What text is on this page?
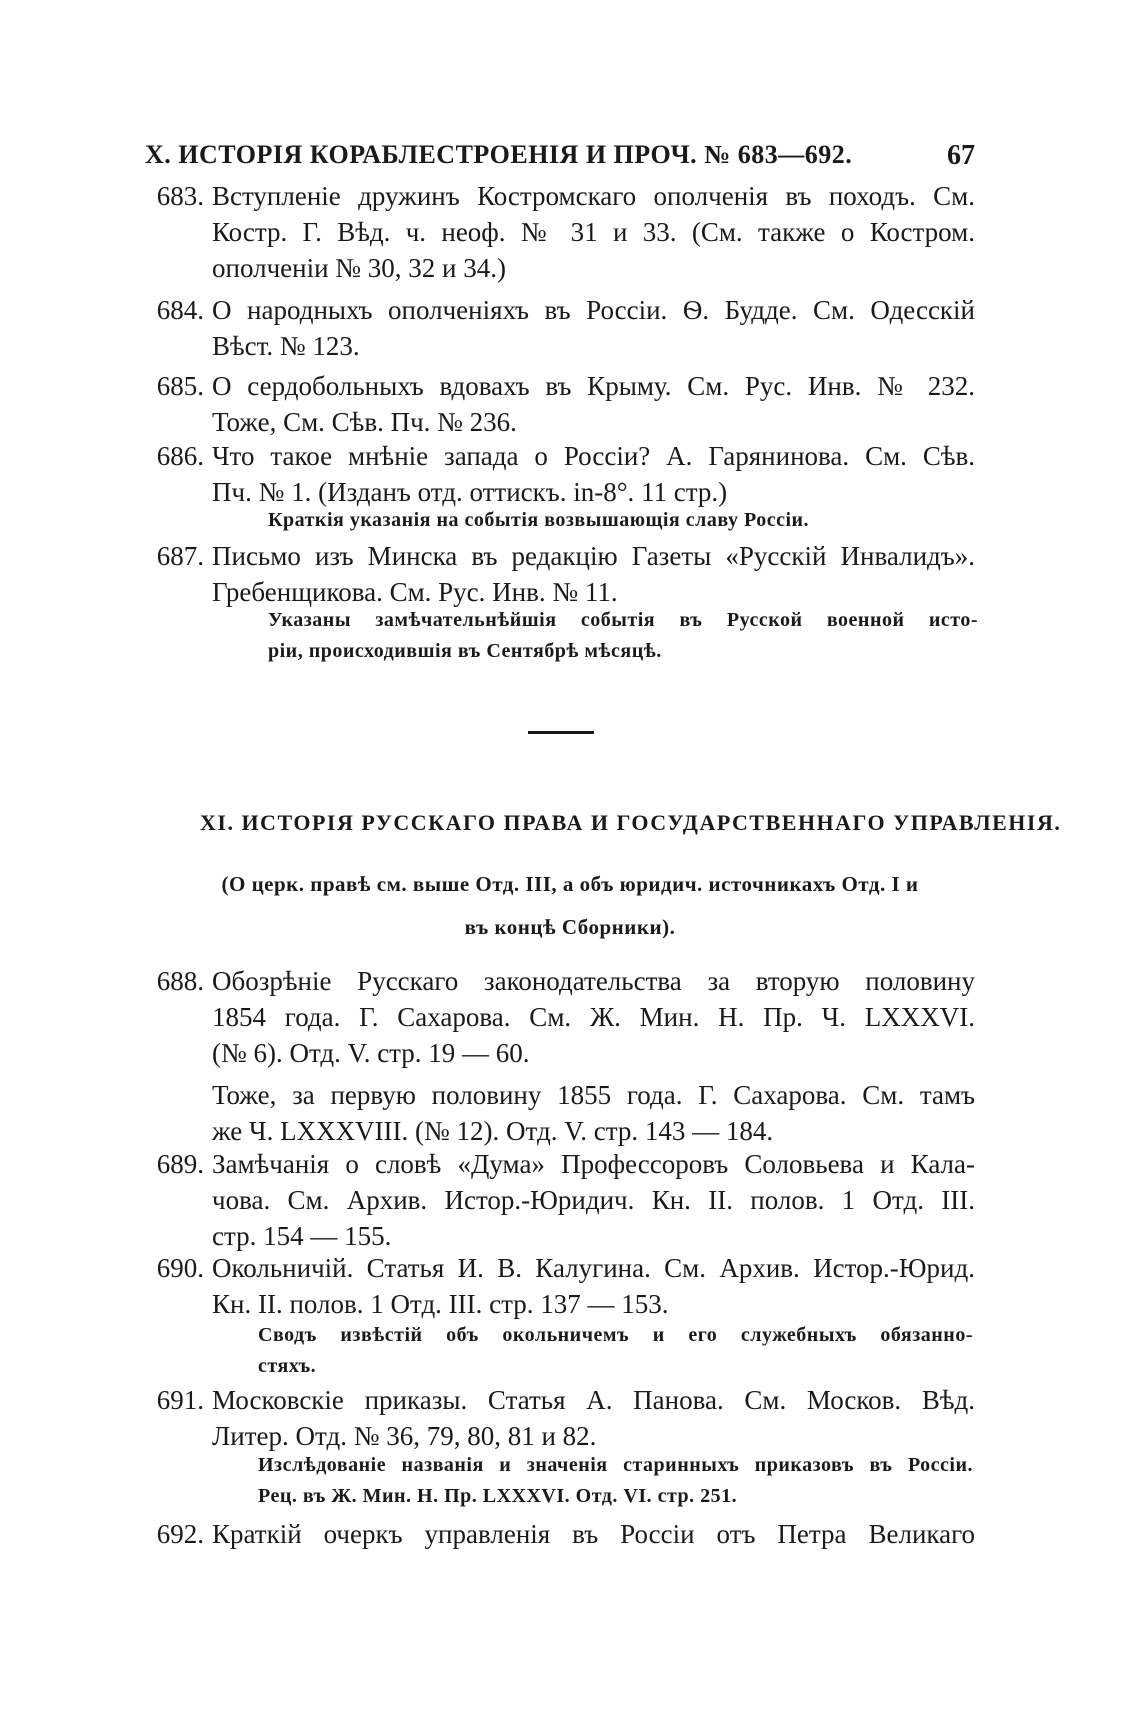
X. ИСТОРІЯ КОРАБЛЕСТРОЕНІЯ И ПРОЧ. № 683—692.	67
683. Вступленіе дружинъ Костромскаго ополченія въ походъ. См.
Костр. Г. Вѣд. ч. неоф. № 31 и 33. (См. также о Костром.
ополченіи № 30, 32 и 34.)
684. О народныхъ ополченіяхъ въ Россіи. Ѳ. Будде. См. Одесскій
Вѣст. № 123.
685. О сердобольныхъ вдовахъ въ Крыму. См. Рус. Инв. № 232.
Тоже, См. Сѣв. Пч. № 236.
686. Что такое мнѣніе запада о Россіи? А. Гарянинова. См. Сѣв.
Пч. № 1. (Изданъ отд. оттискъ. in-8°. 11 стр.)
Краткія указанія на событія возвышающія славу Россіи.
687. Письмо изъ Минска въ редакцію Газеты «Русскій Инвалидъ».
Гребенщикова. См. Рус. Инв. № 11.
Указаны замѣчательнѣйшія событія въ Русской военной исто-
ріи, происходившія въ Сентябрѣ мѣсяцѣ.
XI. ИСТОРІЯ РУССКАГО ПРАВА И ГОСУДАРСТВЕННАГО УПРАВЛЕНІЯ.
(О церк. правѣ см. выше Отд. III, а объ юридич. источникахъ Отд. I и
въ концѣ Сборники).
688. Обозрѣніе Русскаго законодательства за вторую половину
1854 года. Г. Сахарова. См. Ж. Мин. Н. Пр. Ч. LXXXVI.
(№ 6). Отд. V. стр. 19 — 60.
Тоже, за первую половину 1855 года. Г. Сахарова. См. тамъ
же Ч. LXXXVIII. (№ 12). Отд. V. стр. 143 — 184.
689. Замѣчанія о словѣ «Дума» Профессоровъ Соловьева и Кала-
чова. См. Архив. Истор.-Юридич. Кн. II. полов. 1 Отд. III.
стр. 154 — 155.
690. Окольничій. Статья И. В. Калугина. См. Архив. Истор.-Юрид.
Кн. II. полов. 1 Отд. III. стр. 137 — 153.
Сводъ извѣстій объ окольничемъ и его служебныхъ обязанно-
стяхъ.
691. Московскіе приказы. Статья А. Панова. См. Москов. Вѣд.
Литер. Отд. № 36, 79, 80, 81 и 82.
Изслѣдованіе названія и значенія старинныхъ приказовъ въ Россіи.
Рец. въ Ж. Мин. Н. Пр. LXXXVI. Отд. VI. стр. 251.
692. Краткій очеркъ управленія въ Россіи отъ Петра Великаго
